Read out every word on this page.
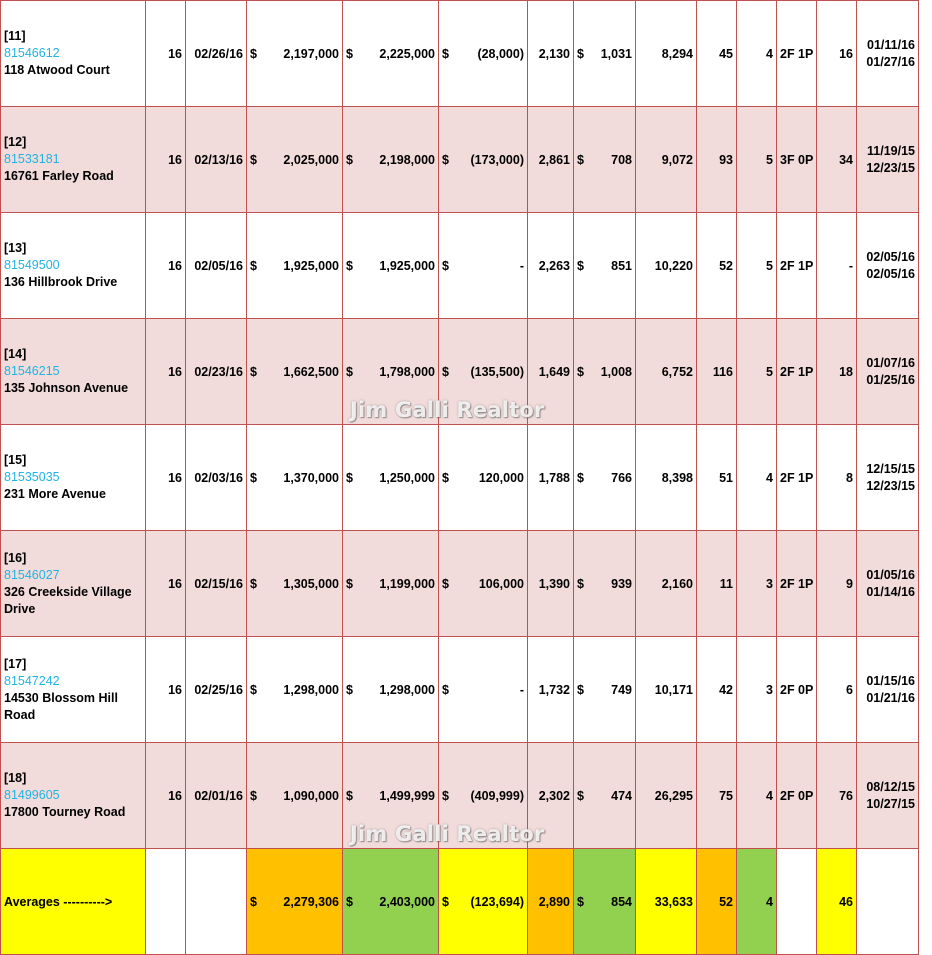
[11]
81546612
118 Atwood Court	16	02/26/16	$ 2,197,000	$ 2,225,000	$ (28,000)	2,130	$ 1,031	8,294	45	4	2F 1P	16	01/11/16
01/27/16

[12]
81533181
16761 Farley Road	16	02/13/16	$ 2,025,000	$ 2,198,000	$ (173,000)	2,861	$ 708	9,072	93	5	3F 0P	34	11/19/15
12/23/15

[13]
81549500
136 Hillbrook Drive	16	02/05/16	$ 1,925,000	$ 1,925,000	$ -	2,263	$ 851	10,220	52	5	2F 1P	-	02/05/16
02/05/16

[14]
81546215
135 Johnson Avenue	16	02/23/16	$ 1,662,500	$ 1,798,000	$ (135,500)	1,649	$ 1,008	6,752	116	5	2F 1P	18	01/07/16
01/25/16

[15]
81535035
231 More Avenue	16	02/03/16	$ 1,370,000	$ 1,250,000	$ 120,000	1,788	$ 766	8,398	51	4	2F 1P	8	12/15/15
12/23/15

[16]
81546027
326 Creekside Village Drive	16	02/15/16	$ 1,305,000	$ 1,199,000	$ 106,000	1,390	$ 939	2,160	11	3	2F 1P	9	01/05/16
01/14/16

[17]
81547242
14530 Blossom Hill Road	16	02/25/16	$ 1,298,000	$ 1,298,000	$ -	1,732	$ 749	10,171	42	3	2F 0P	6	01/15/16
01/21/16

[18]
81499605
17800 Tourney Road	16	02/01/16	$ 1,090,000	$ 1,499,999	$ (409,999)	2,302	$ 474	26,295	75	4	2F 0P	76	08/12/15
10/27/15

Averages ---------->			$ 2,279,306	$ 2,403,000	$ (123,694)	2,890	$ 854	33,633	52	4		46	
Jim Galli Realtor
Jim Galli Realtor
